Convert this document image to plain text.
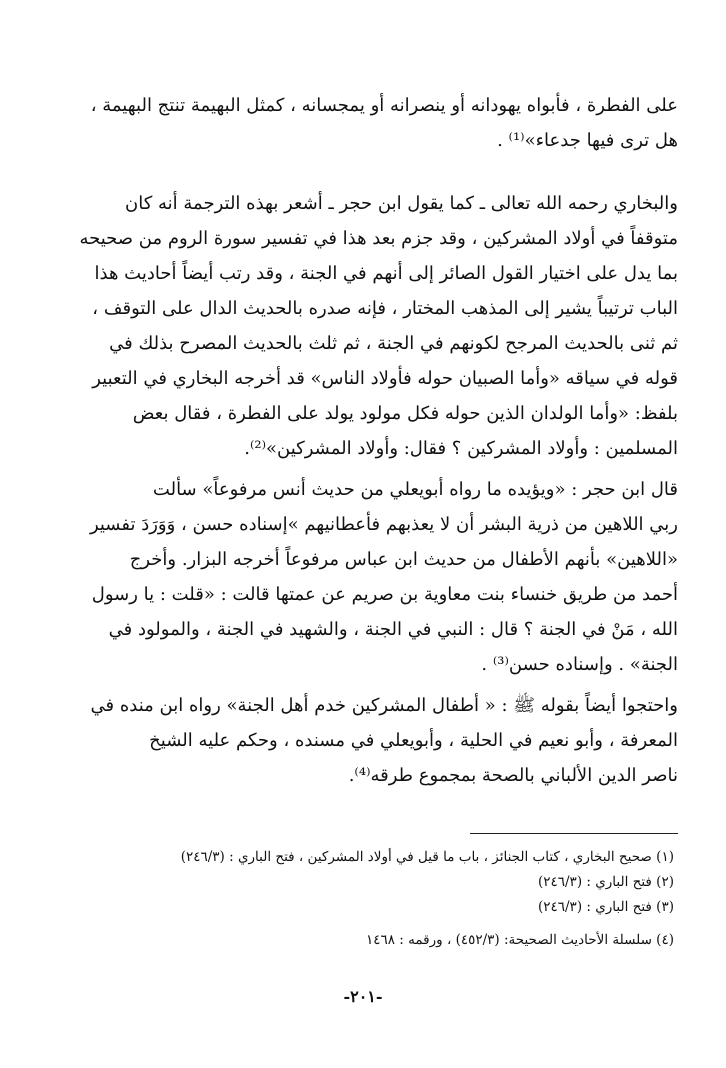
على الفطرة ، فأبواه يهودانه أو ينصرانه أو يمجسانه ، كمثل البهيمة تنتج البهيمة ،
هل ترى فيها جدعاء»⁽¹⁾ .
والبخاري رحمه الله تعالى ـ كما يقول ابن حجر ـ أشعر بهذه الترجمة أنه كان
متوقفاً في أولاد المشركين ، وقد جزم بعد هذا في تفسير سورة الروم من صحيحه
بما يدل على اختيار القول الصائر إلى أنهم في الجنة ، وقد رتب أيضاً أحاديث هذا
الباب ترتيباً يشير إلى المذهب المختار ، فإنه صدره بالحديث الدال على التوقف ،
ثم ثنى بالحديث المرجح لكونهم في الجنة ، ثم ثلث بالحديث المصرح بذلك في
قوله في سياقه «وأما الصبيان حوله فأولاد الناس» قد أخرجه البخاري في التعبير
بلفظ: «وأما الولدان الذين حوله فكل مولود يولد على الفطرة ، فقال بعض
المسلمين : وأولاد المشركين ؟ فقال: وأولاد المشركين»⁽²⁾.
قال ابن حجر : «ويؤيده ما رواه أبويعلي من حديث أنس مرفوعاً» سألت
ربي اللاهين من ذرية البشر أن لا يعذبهم فأعطانيهم »إسناده حسن ، وَوَرَدَ تفسير
«اللاهين» بأنهم الأطفال من حديث ابن عباس مرفوعاً أخرجه البزار. وأخرج
أحمد من طريق خنساء بنت معاوية بن صريم عن عمتها قالت : «قلت : يا رسول
الله ، مَنْ في الجنة ؟ قال : النبي في الجنة ، والشهيد في الجنة ، والمولود في
الجنة» . وإسناده حسن⁽³⁾ .
واحتجوا أيضاً بقوله ﷺ : « أطفال المشركين خدم أهل الجنة» رواه ابن منده في
المعرفة ، وأبو نعيم في الحلية ، وأبويعلي في مسنده ، وحكم عليه الشيخ
ناصر الدين الألباني بالصحة بمجموع طرقه⁽⁴⁾.
(١) صحيح البخاري ، كتاب الجنائز ، باب ما قيل في أولاد المشركين ، فتح الباري : (٢٤٦/٣)
(٢) فتح الباري : (٢٤٦/٣)
(٣) فتح الباري : (٢٤٦/٣)
(٤) سلسلة الأحاديث الصحيحة: (٤٥٢/٣) ، ورقمه : ١٤٦٨
-٢٠١-
